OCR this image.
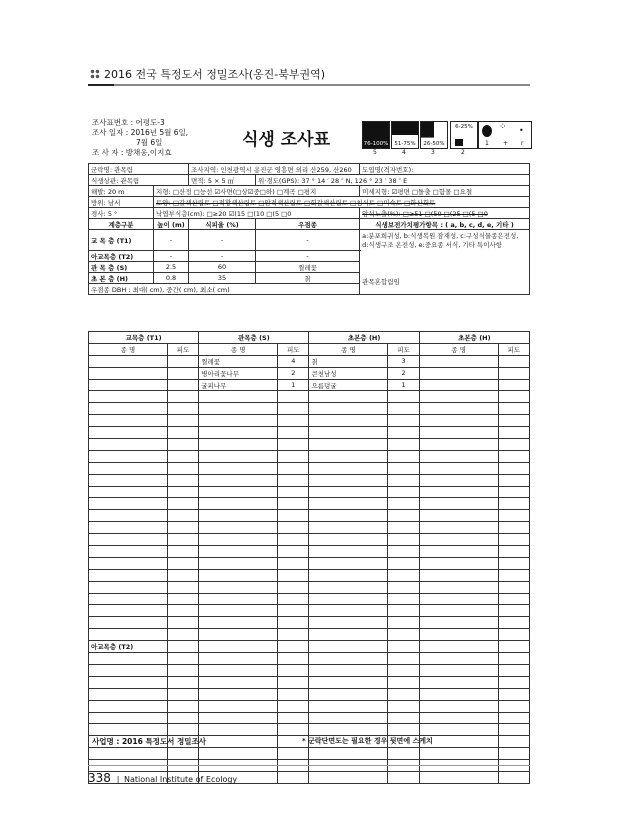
2016 전국 특정도서 정밀조사(옹진-북부권역)
조사표번호 : 어평도-3
조사 일자 : 2016년 5월 6일,
7월 6일
조 사 자 : 방채웅,이지효
식생 조사표	76-100%	51-75%	26-50%
6-25%
5	4	3	2
⁘ •
1 + r
군락명: 관목림		조사지역: 인천광역시 옹진군 영흥면 외리 산259, 산260		도엽명(격자번호):
식생상관: 관목림		면적: 5 × 5 ㎡	위·경도(GPS): 37 ° 14 ′ 28 ″ N, 126 ° 23 ′ 38 ″ E	
해발: 20 m	지형: □산정 □능선 ☑사면(□상☑중□하) □계곡 □평지			미세지형: ☑평면 □돌출 □함몰 □요철
방위: 남서	토양: □갈색산림토 □적황색산림토 □암적색산림토 □회갈색산림토 □침식토 □미숙토 □화산회토			
경사: 5 °	낙엽부식층(cm): □≥20 ☑(15 □(10 □(5 □0			암석노출(%): □≥51 □(50 □(25 □(5 □0
계층구분	높이 (m)	식피율 (%)	우점종	식생보전가치평가항목 : ( a, b, c, d, e, 기타 )
교 목 층 (T1)	-	-	-	a:분포희귀성, b:식생복원 잠재성, c:구성식물종은전성,
d:식생구조 온전성, e:중요종 서식, 기타 특이사항
관목혼합림임

아교목층 (T2)	-	-	-	
관 목 층 (S)	2.5	60	찔레꽃	
초 본 층 (H)	0.8	35	칡	
우점종 DBH : 최대( cm), 중간( cm), 최소( cm)				
교목층 (T1)		관목층 (S)		초본층 (H)		초본층 (H)	
종 명	피도	종 명	피도	종 명	피도	종 명	피도
		찔레꽃	4	칡	3		
		병아리꽃나무	2	큰천남성	2		
		굴피나무	1	으름덩굴	1		

아교목층 (T2)							

사업명 : 2016 특정도서 정밀조사	* 군락단면도는 필요한 경우 뒷면에 스케치
338 | National Institute of Ecology
